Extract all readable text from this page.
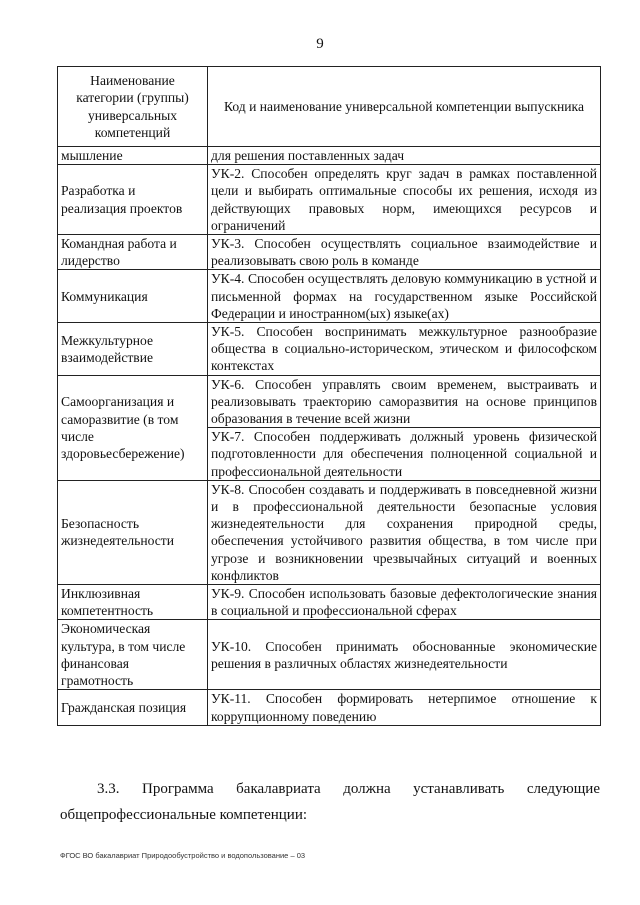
9
Наименование категории (группы) универсальных компетенций	Код и наименование универсальной компетенции выпускника
мышление	для решения поставленных задач
Разработка и реализация проектов	УК-2. Способен определять круг задач в рамках поставленной цели и выбирать оптимальные способы их решения, исходя из действующих правовых норм, имеющихся ресурсов и ограничений
Командная работа и лидерство	УК-3. Способен осуществлять социальное взаимодействие и реализовывать свою роль в команде
Коммуникация	УК-4. Способен осуществлять деловую коммуникацию в устной и письменной формах на государственном языке Российской Федерации и иностранном(ых) языке(ах)
Межкультурное взаимодействие	УК-5. Способен воспринимать межкультурное разнообразие общества в социально-историческом, этическом и философском контекстах
Самоорганизация и саморазвитие (в том числе здоровьесбережение)	УК-6. Способен управлять своим временем, выстраивать и реализовывать траекторию саморазвития на основе принципов образования в течение всей жизни
	УК-7. Способен поддерживать должный уровень физической подготовленности для обеспечения полноценной социальной и профессиональной деятельности
Безопасность жизнедеятельности	УК-8. Способен создавать и поддерживать в повседневной жизни и в профессиональной деятельности безопасные условия жизнедеятельности для сохранения природной среды, обеспечения устойчивого развития общества, в том числе при угрозе и возникновении чрезвычайных ситуаций и военных конфликтов
Инклюзивная компетентность	УК-9. Способен использовать базовые дефектологические знания в социальной и профессиональной сферах
Экономическая культура, в том числе финансовая грамотность	УК-10. Способен принимать обоснованные экономические решения в различных областях жизнедеятельности
Гражданская позиция	УК-11. Способен формировать нетерпимое отношение к коррупционному поведению
3.3. Программа бакалавриата должна устанавливать следующие
общепрофессиональные компетенции:
ФГОС ВО бакалавриат Природообустройство и водопользование – 03
